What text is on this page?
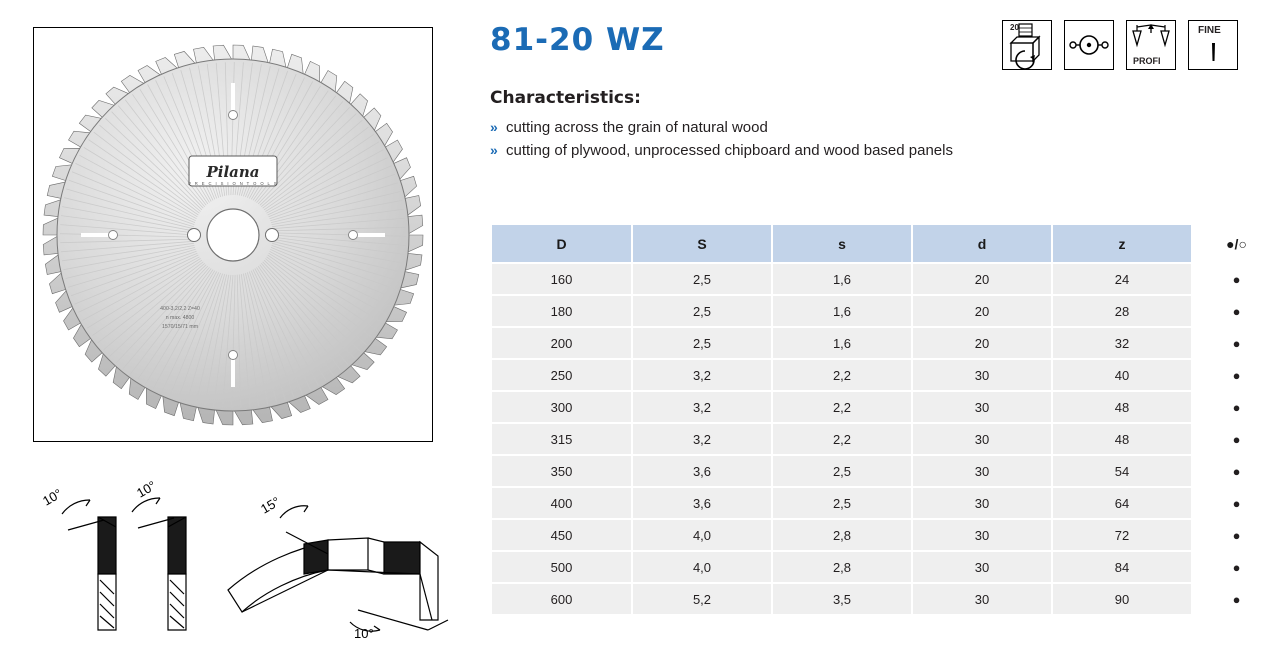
Pilana
P R E C I S I O N T O O L S
400-3,2/2,2 Z=40
n max. 4800
1570/15/71 mm
10°	10°
15°
10°
81-20 WZ	20
PROFI
FINE
Characteristics:
» cutting across the grain of natural wood
» cutting of plywood, unprocessed chipboard and wood based panels
D	S	s	d	z	●/○
160	2,5	1,6	20	24	●
180	2,5	1,6	20	28	●
200	2,5	1,6	20	32	●
250	3,2	2,2	30	40	●
300	3,2	2,2	30	48	●
315	3,2	2,2	30	48	●
350	3,6	2,5	30	54	●
400	3,6	2,5	30	64	●
450	4,0	2,8	30	72	●
500	4,0	2,8	30	84	●
600	5,2	3,5	30	90	●
